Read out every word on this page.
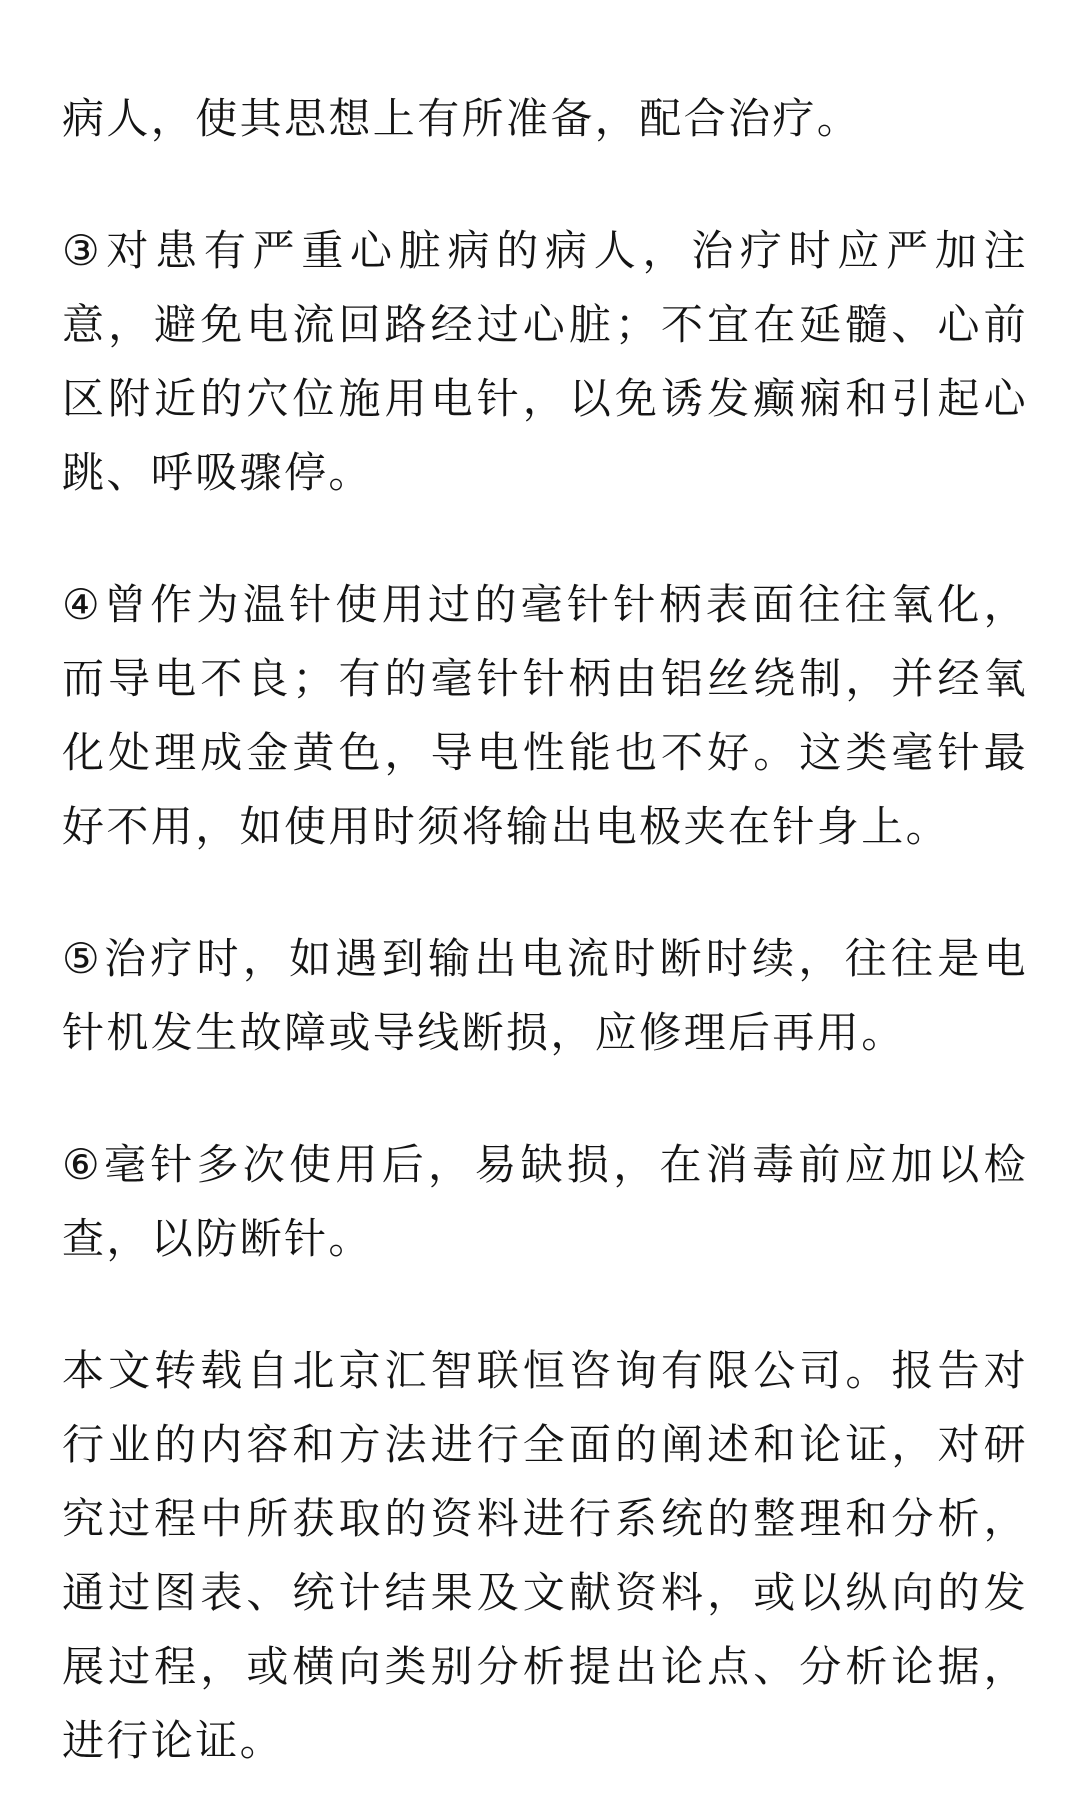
病人，使其思想上有所准备，配合治疗。

③对患有严重心脏病的病人，治疗时应严加注意，避免电流回路经过心脏；不宜在延髓、心前区附近的穴位施用电针，以免诱发癫痫和引起心跳、呼吸骤停。

④曾作为温针使用过的毫针针柄表面往往氧化，而导电不良；有的毫针针柄由铝丝绕制，并经氧化处理成金黄色，导电性能也不好。这类毫针最好不用，如使用时须将输出电极夹在针身上。

⑤治疗时，如遇到输出电流时断时续，往往是电针机发生故障或导线断损，应修理后再用。

⑥毫针多次使用后，易缺损，在消毒前应加以检查，以防断针。

本文转载自北京汇智联恒咨询有限公司。报告对行业的内容和方法进行全面的阐述和论证，对研究过程中所获取的资料进行系统的整理和分析，通过图表、统计结果及文献资料，或以纵向的发展过程，或横向类别分析提出论点、分析论据，进行论证。
